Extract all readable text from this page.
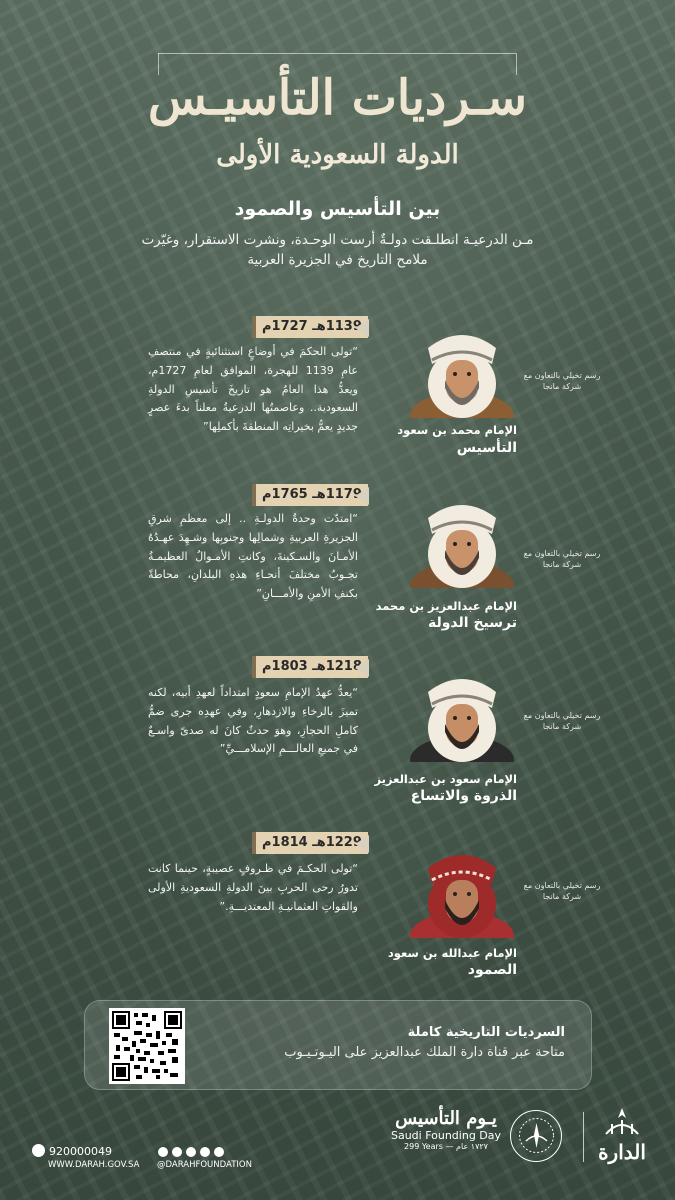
سـرديات التأسيـس
الدولة السعودية الأولى
بين التأسيس والصمود
مـن الدرعيـة انطلـقت دولـةٌ أرست الوحـدة، ونشرت الاستقرار، وغيّرت ملامح التاريخ في الجزيرة العربية
1139هـ 1727م
“تولى الحكمَ في أوضاعٍ استثنائيةٍ في منتصفِ عامِ 1139 للهجرة، الموافق لعامِ 1727م، ويعدُّ هذا العامُ هو تاريخَ تأسيسِ الدولةِ السعودية.. وعاصمتُها الدرعيةُ معلناً بدءَ عصرٍ جديدٍ يعمُّ بخيراتِه المنطقةَ بأكملِها”
رسم تخيلي بالتعاون مع شركة مانجا
الإمام محمد بن سعود
التأسيس
1179هـ 1765م
“امتدّت وحدةُ الدولـةِ .. إلى معظمِ شرقِ الجزيرةِ العربيةِ وشمالِها وجنوبِها وشـهِدَ عهـدُهُ الأمـانَ والسـكينةَ، وكانتِ الأمـوالُ العظيمـةُ تجـوبُ مختلفَ أنحـاءِ هذهِ البلدانِ، محاطةً بكنفِ الأمنِ والأمـــانِ”
رسم تخيلي بالتعاون مع شركة مانجا
الإمام عبدالعزيز بن محمد
ترسيخ الدولة
1218هـ 1803م
“يعدُّ عهدُ الإمامِ سعودٍ امتداداً لعهدِ أبيه، لكنه تميزَ بالرخاءِ والازدهارِ، وفي عهدِه جرى ضمُّ كاملِ الحجازِ، وهوَ حدثٌ كانَ له صدىً واسـعٌ في جميعِ العالـــمِ الإسلامـــيِّ”
رسم تخيلي بالتعاون مع شركة مانجا
الإمام سعود بن عبدالعزيز
الذروة والاتساع
1229هـ 1814م
“تولى الحكـمَ في ظـروفٍ عصيبةٍ، حينما كانت تدورُ رحى الحربِ بينَ الدولةِ السعوديةِ الأولى والقواتِ العثمانيـةِ المعتديـــةِ.”
رسم تخيلي بالتعاون مع شركة مانجا
الإمام عبدالله بن سعود
الصمود
السرديات التاريخية كاملة
متاحة عبر قناة دارة الملك عبدالعزيز على اليـوتـيـوب
920000049
WWW.DARAH.GOV.SA @DARAHFOUNDATION
يـوم التأسيس
Saudi Founding Day
299 Years — ١٧٢٧ عام	الدارة
